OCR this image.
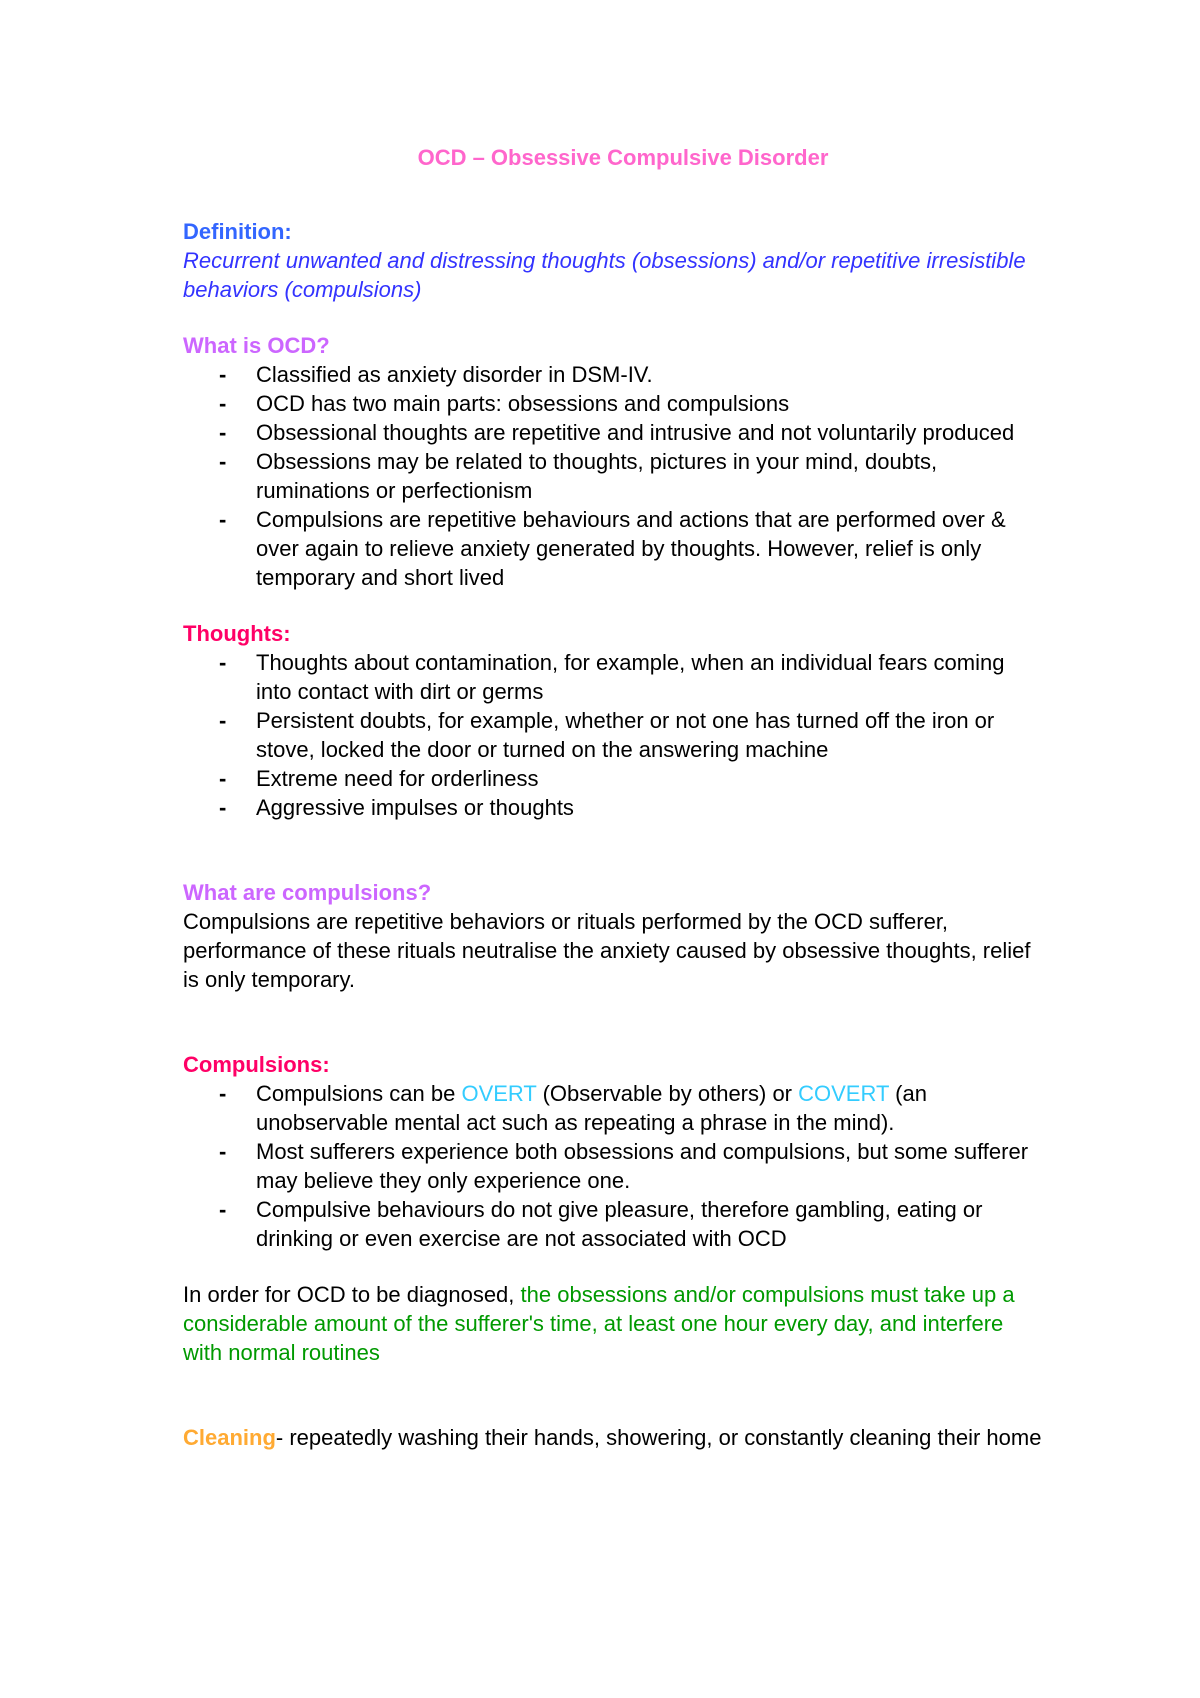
OCD – Obsessive Compulsive Disorder

Definition:

Recurrent unwanted and distressing thoughts (obsessions) and/or repetitive irresistible behaviors (compulsions)

What is OCD?

- Classified as anxiety disorder in DSM-IV.
- OCD has two main parts: obsessions and compulsions
- Obsessional thoughts are repetitive and intrusive and not voluntarily produced
- Obsessions may be related to thoughts, pictures in your mind, doubts, ruminations or perfectionism
- Compulsions are repetitive behaviours and actions that are performed over & over again to relieve anxiety generated by thoughts. However, relief is only temporary and short lived

Thoughts:

- Thoughts about contamination, for example, when an individual fears coming into contact with dirt or germs
- Persistent doubts, for example, whether or not one has turned off the iron or stove, locked the door or turned on the answering machine
- Extreme need for orderliness
- Aggressive impulses or thoughts

What are compulsions?

Compulsions are repetitive behaviors or rituals performed by the OCD sufferer, performance of these rituals neutralise the anxiety caused by obsessive thoughts, relief is only temporary.

Compulsions:

- Compulsions can be OVERT (Observable by others) or COVERT (an unobservable mental act such as repeating a phrase in the mind).
- Most sufferers experience both obsessions and compulsions, but some sufferer may believe they only experience one.
- Compulsive behaviours do not give pleasure, therefore gambling, eating or drinking or even exercise are not associated with OCD

In order for OCD to be diagnosed, the obsessions and/or compulsions must take up a considerable amount of the sufferer's time, at least one hour every day, and interfere with normal routines

Cleaning- repeatedly washing their hands, showering, or constantly cleaning their home
